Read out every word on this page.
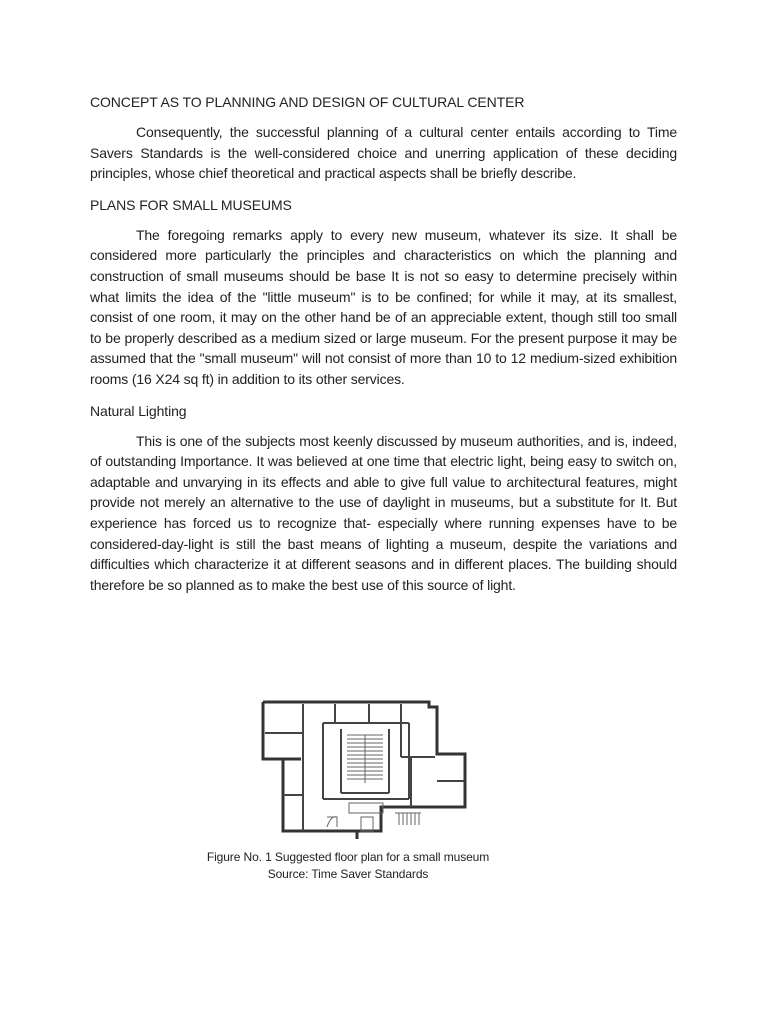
CONCEPT AS TO PLANNING AND DESIGN OF CULTURAL CENTER

Consequently, the successful planning of a cultural center entails according to Time Savers Standards is the well-considered choice and unerring application of these deciding principles, whose chief theoretical and practical aspects shall be briefly describe.

PLANS FOR SMALL MUSEUMS

The foregoing remarks apply to every new museum, whatever its size. It shall be considered more particularly the principles and characteristics on which the planning and construction of small museums should be base It is not so easy to determine precisely within what limits the idea of the "little museum" is to be confined; for while it may, at its smallest, consist of one room, it may on the other hand be of an appreciable extent, though still too small to be properly described as a medium sized or large museum. For the present purpose it may be assumed that the "small museum" will not consist of more than 10 to 12 medium-sized exhibition rooms (16 X24 sq ft) in addition to its other services.

Natural Lighting

This is one of the subjects most keenly discussed by museum authorities, and is, indeed, of outstanding Importance. It was believed at one time that electric light, being easy to switch on, adaptable and unvarying in its effects and able to give full value to architectural features, might provide not merely an alternative to the use of daylight in museums, but a substitute for It. But experience has forced us to recognize that- especially where running expenses have to be considered-day-light is still the bast means of lighting a museum, despite the variations and difficulties which characterize it at different seasons and in different places. The building should therefore be so planned as to make the best use of this source of light.

Figure No. 1 Suggested floor plan for a small museum
Source: Time Saver Standards
